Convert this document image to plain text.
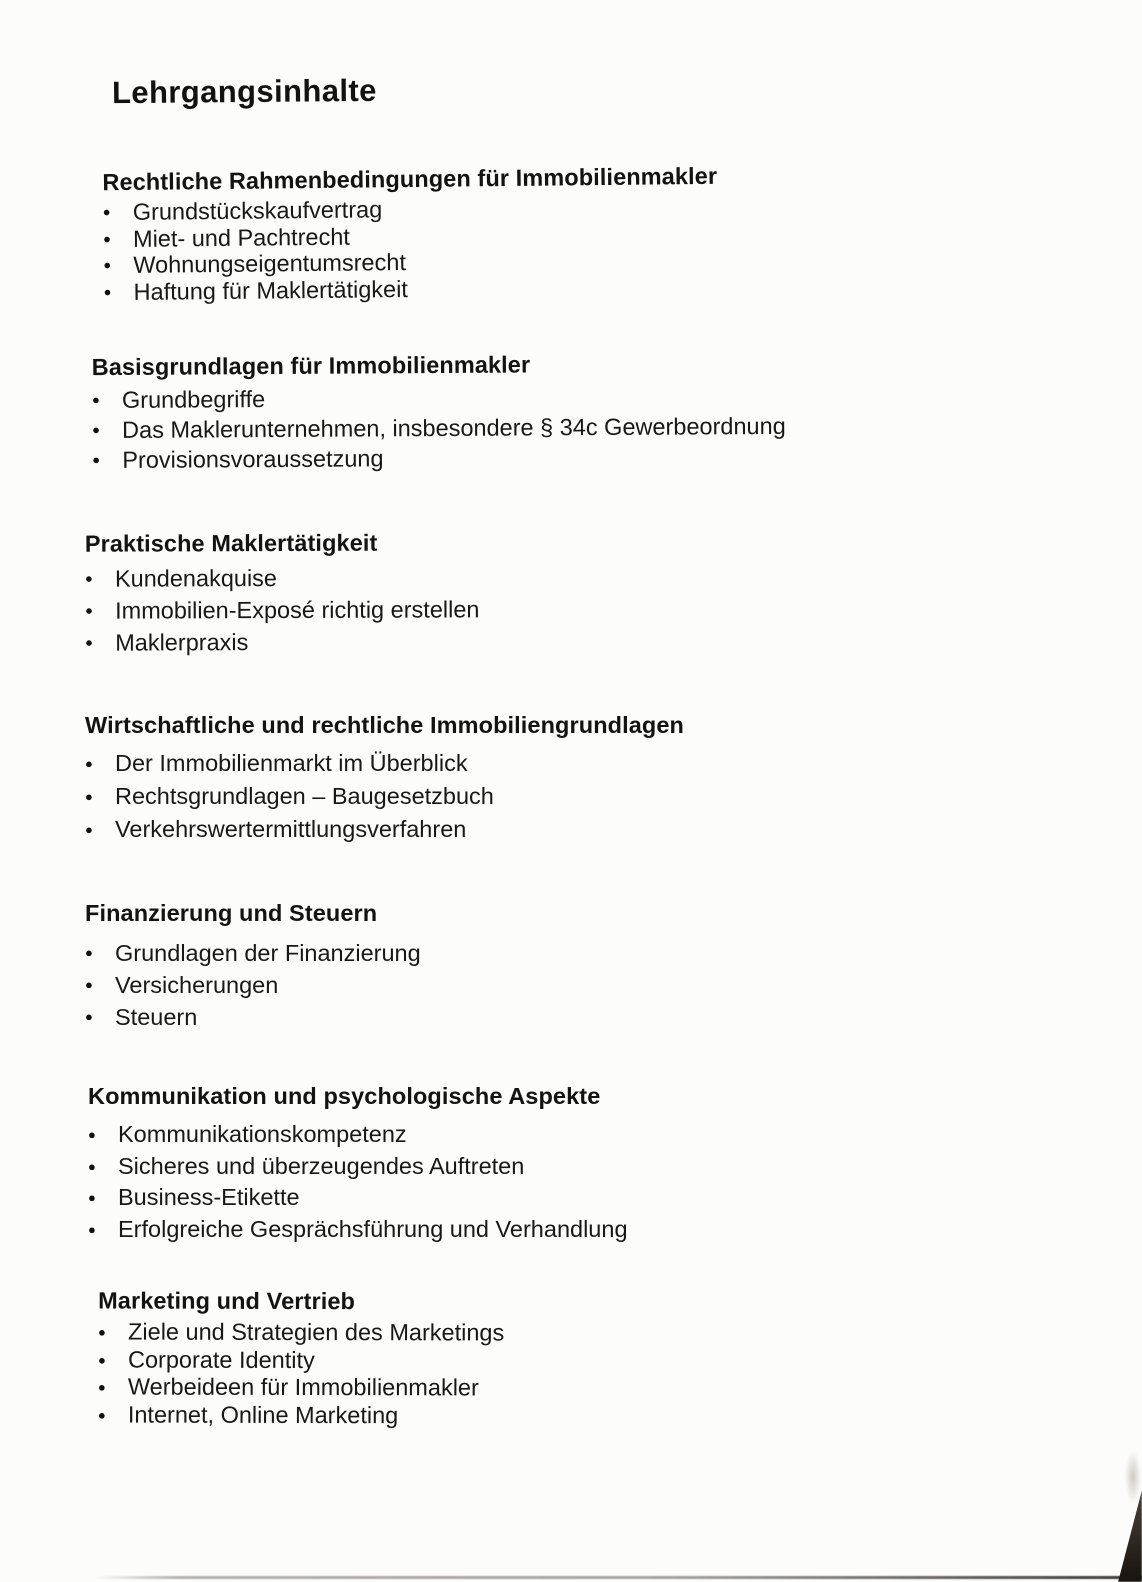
Lehrgangsinhalte
Rechtliche Rahmenbedingungen für Immobilienmakler
● Grundstückskaufvertrag
● Miet- und Pachtrecht
● Wohnungseigentumsrecht
● Haftung für Maklertätigkeit
Basisgrundlagen für Immobilienmakler
● Grundbegriffe
● Das Maklerunternehmen, insbesondere § 34c Gewerbeordnung
● Provisionsvoraussetzung
Praktische Maklertätigkeit
● Kundenakquise
● Immobilien-Exposé richtig erstellen
● Maklerpraxis
Wirtschaftliche und rechtliche Immobiliengrundlagen
● Der Immobilienmarkt im Überblick
● Rechtsgrundlagen – Baugesetzbuch
● Verkehrswertermittlungsverfahren
Finanzierung und Steuern
● Grundlagen der Finanzierung
● Versicherungen
● Steuern
Kommunikation und psychologische Aspekte
● Kommunikationskompetenz
● Sicheres und überzeugendes Auftreten
● Business-Etikette
● Erfolgreiche Gesprächsführung und Verhandlung
Marketing und Vertrieb
● Ziele und Strategien des Marketings
● Corporate Identity
● Werbeideen für Immobilienmakler
● Internet, Online Marketing
